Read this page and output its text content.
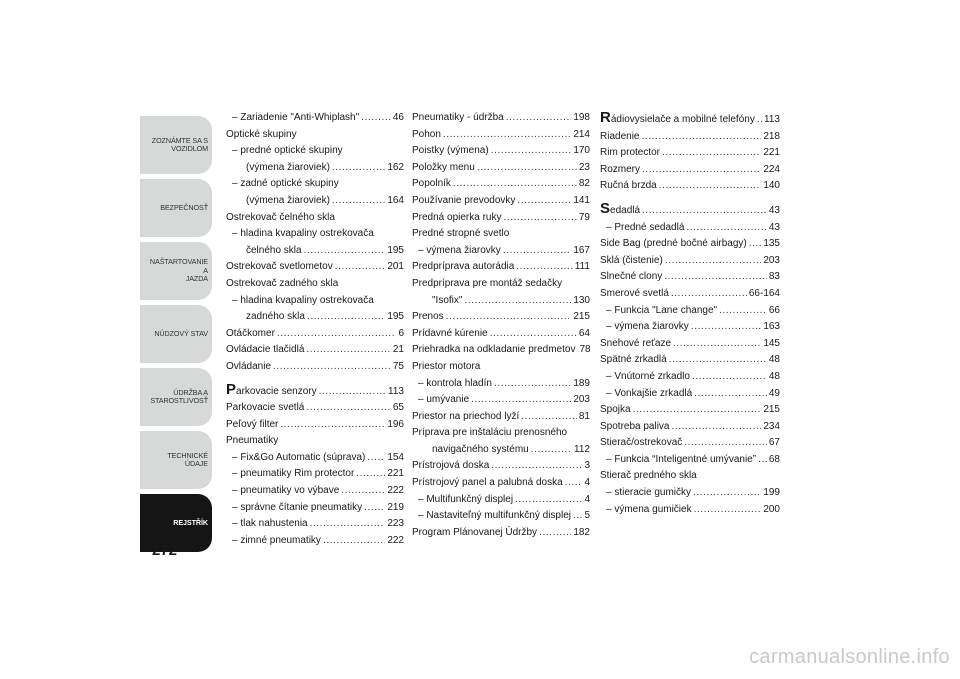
ZOZNÁMTE SA S
VOZIDLOM
BEZPEČNOSŤ
NAŠTARTOVANIE A
JAZDA
NÚDZOVÝ STAV
ÚDRŽBA A
STAROSTLIVOSŤ
TECHNICKÉ ÚDAJE
REJSTŘÍK
272
– Zariadenie "Anti-Whiplash" .....	46
Optické skupiny
– predné optické skupiny
(výmena žiaroviek) .....	162
– zadné optické skupiny
(výmena žiaroviek) .....	164
Ostrekovač čelného skla
– hladina kvapaliny ostrekovača
čelného skla .....	195
Ostrekovač svetlometov .....	201
Ostrekovač zadného skla
– hladina kvapaliny ostrekovača
zadného skla .....	195
Otáčkomer .....	6
Ovládacie tlačidlá .....	21
Ovládanie .....	75
Parkovacie senzory .....	113
Parkovacie svetlá .....	65
Peľový filter .....	196
Pneumatiky
– Fix&Go Automatic (súprava) ..... 154
– pneumatiky Rim protector .....	221
– pneumatiky vo výbave .....	222
– správne čítanie pneumatiky .....	219
– tlak nahustenia .....	223
– zimné pneumatiky .....	222
Pneumatiky - údržba .....	198
Pohon .....	214
Poistky (výmena) .....	170
Položky menu .....	23
Popolník .....	82
Používanie prevodovky .....	141
Predná opierka ruky .....	79
Predné stropné svetlo
– výmena žiarovky .....	167
Predpríprava autorádia .....	111
Predpríprava pre montáž sedačky
"Isofix" .....	130
Prenos .....	215
Prídavné kúrenie .....	64
Priehradka na odkladanie predmetov 78
Priestor motora
– kontrola hladín .....	189
– umývanie .....	203
Priestor na priechod lyží .....	81
Príprava pre inštaláciu prenosného
navigačného systému .....	112
Prístrojová doska .....	3
Prístrojový panel a palubná doska ..... 4
– Multifunkčný displej .....	4
– Nastaviteľný multifunkčný displej ..... 5
Program Plánovanej Údržby .....	182
Rádiovysielače a mobilné telefóny ..... 113
Riadenie .....	218
Rim protector .....	221
Rozmery .....	224
Ručná brzda .....	140
Sedadlá .....	43
– Predné sedadlá .....	43
Side Bag (predné bočné airbagy) ..... 135
Sklá (čistenie) .....	203
Slnečné clony .....	83
Smerové svetlá .....	66-164
– Funkcia "Lane change" .....	66
– výmena žiarovky .....	163
Snehové reťaze .....	145
Spätné zrkadlá .....	48
– Vnútorné zrkadlo .....	48
– Vonkajšie zrkadlá .....	49
Spojka .....	215
Spotreba paliva .....	234
Stierač/ostrekovač .....	67
– Funkcia “Inteligentné umývanie” ..... 68
Stierač predného skla
– stieracie gumičky .....	199
– výmena gumičiek .....	200
carmanualsonline.info
